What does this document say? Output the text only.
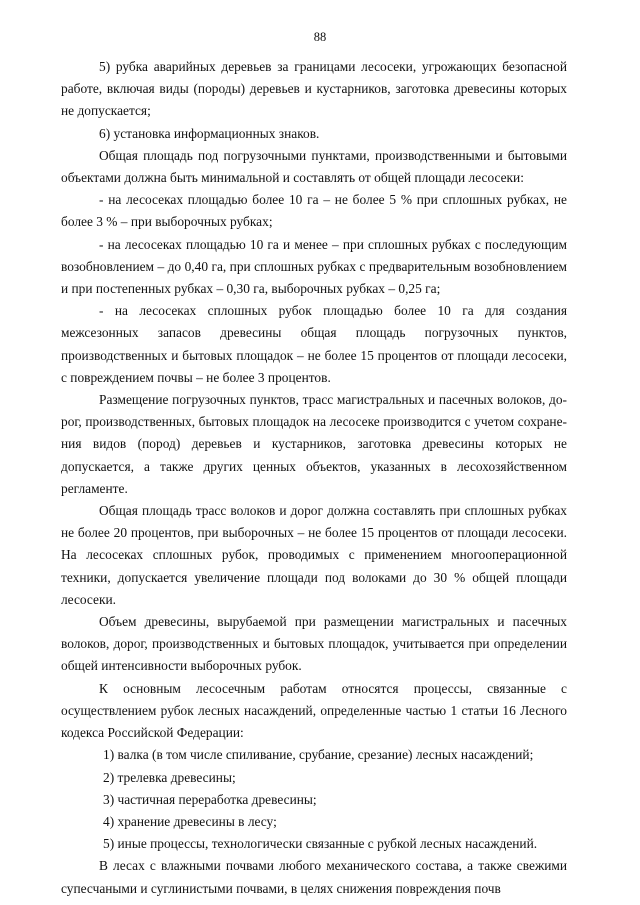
88

5) рубка аварийных деревьев за границами лесосеки, угрожающих безопасной работе, включая виды (породы) деревьев и кустарников, заготовка древесины которых не допускается;

6) установка информационных знаков.

Общая площадь под погрузочными пунктами, производственными и бытовыми объектами должна быть минимальной и составлять от общей площади лесосеки:

- на лесосеках площадью более 10 га – не более 5 % при сплошных рубках, не более 3 % – при выборочных рубках;

- на лесосеках площадью 10 га и менее – при сплошных рубках с последующим возобновлением – до 0,40 га, при сплошных рубках с предварительным возобновлением и при постепенных рубках – 0,30 га, выборочных рубках – 0,25 га;

- на лесосеках сплошных рубок площадью более 10 га для создания межсезонных запасов древесины общая площадь погрузочных пунктов, производственных и бытовых площадок – не более 15 процентов от площади лесосеки, с повреждением почвы – не более 3 процентов.

Размещение погрузочных пунктов, трасс магистральных и пасечных волоков, дорог, производственных, бытовых площадок на лесосеке производится с учетом сохранения видов (пород) деревьев и кустарников, заготовка древесины которых не допускается, а также других ценных объектов, указанных в лесохозяйственном регламенте.

Общая площадь трасс волоков и дорог должна составлять при сплошных рубках не более 20 процентов, при выборочных – не более 15 процентов от площади лесосеки. На лесосеках сплошных рубок, проводимых с применением многооперационной техники, допускается увеличение площади под волоками до 30 % общей площади лесосеки.

Объем древесины, вырубаемой при размещении магистральных и пасечных волоков, дорог, производственных и бытовых площадок, учитывается при определении общей интенсивности выборочных рубок.

К основным лесосечным работам относятся процессы, связанные с осуществлением рубок лесных насаждений, определенные частью 1 статьи 16 Лесного кодекса Российской Федерации:

1) валка (в том числе спиливание, срубание, срезание) лесных насаждений;

2) трелевка древесины;

3) частичная переработка древесины;

4) хранение древесины в лесу;

5) иные процессы, технологически связанные с рубкой лесных насаждений.

В лесах с влажными почвами любого механического состава, а также свежими супесчаными и суглинистыми почвами, в целях снижения повреждения почв
